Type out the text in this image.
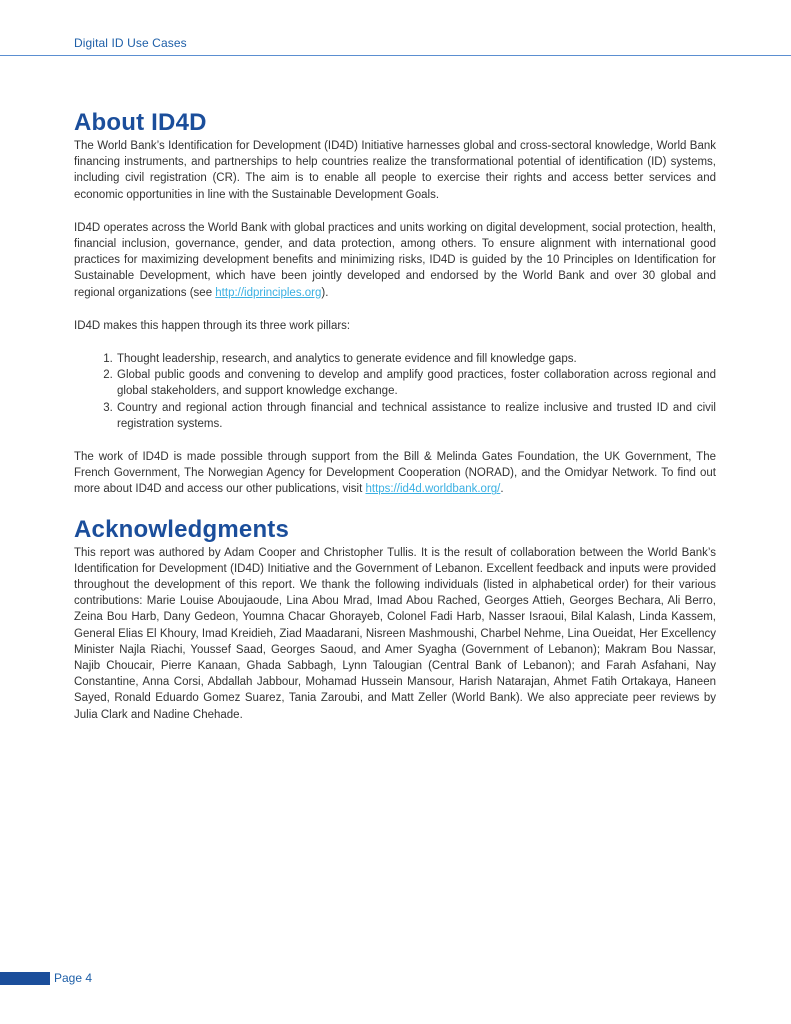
Digital ID Use Cases
About ID4D

The World Bank’s Identification for Development (ID4D) Initiative harnesses global and cross-sectoral knowledge, World Bank financing instruments, and partnerships to help countries realize the transformational potential of identification (ID) systems, including civil registration (CR). The aim is to enable all people to exercise their rights and access better services and economic opportunities in line with the Sustainable Development Goals.

ID4D operates across the World Bank with global practices and units working on digital development, social protection, health, financial inclusion, governance, gender, and data protection, among others. To ensure alignment with international good practices for maximizing development benefits and minimizing risks, ID4D is guided by the 10 Principles on Identification for Sustainable Development, which have been jointly developed and endorsed by the World Bank and over 30 global and regional organizations (see http://idprinciples.org).

ID4D makes this happen through its three work pillars:

1. Thought leadership, research, and analytics to generate evidence and fill knowledge gaps.
2. Global public goods and convening to develop and amplify good practices, foster collaboration across regional and global stakeholders, and support knowledge exchange.
3. Country and regional action through financial and technical assistance to realize inclusive and trusted ID and civil registration systems.

The work of ID4D is made possible through support from the Bill & Melinda Gates Foundation, the UK Government, The French Government, The Norwegian Agency for Development Cooperation (NORAD), and the Omidyar Network. To find out more about ID4D and access our other publications, visit https://id4d.worldbank.org/.

Acknowledgments

This report was authored by Adam Cooper and Christopher Tullis. It is the result of collaboration between the World Bank’s Identification for Development (ID4D) Initiative and the Government of Lebanon. Excellent feedback and inputs were provided throughout the development of this report. We thank the following individuals (listed in alphabetical order) for their various contributions: Marie Louise Aboujaoude, Lina Abou Mrad, Imad Abou Rached, Georges Attieh, Georges Bechara, Ali Berro, Zeina Bou Harb, Dany Gedeon, Youmna Chacar Ghorayeb, Colonel Fadi Harb, Nasser Israoui, Bilal Kalash, Linda Kassem, General Elias El Khoury, Imad Kreidieh, Ziad Maadarani, Nisreen Mashmoushi, Charbel Nehme, Lina Oueidat, Her Excellency Minister Najla Riachi, Youssef Saad, Georges Saoud, and Amer Syagha (Government of Lebanon); Makram Bou Nassar, Najib Choucair, Pierre Kanaan, Ghada Sabbagh, Lynn Talougian (Central Bank of Lebanon); and Farah Asfahani, Nay Constantine, Anna Corsi, Abdallah Jabbour, Mohamad Hussein Mansour, Harish Natarajan, Ahmet Fatih Ortakaya, Haneen Sayed, Ronald Eduardo Gomez Suarez, Tania Zaroubi, and Matt Zeller (World Bank). We also appreciate peer reviews by Julia Clark and Nadine Chehade.

Page 4
